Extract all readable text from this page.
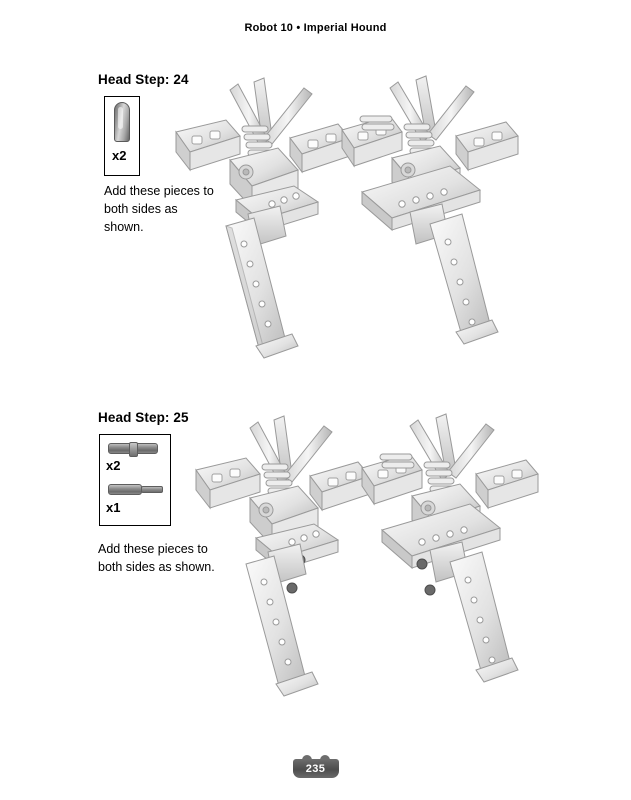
Robot 10 • Imperial Hound
Head Step: 24
x2
Add these pieces to both sides as shown.
Head Step: 25
x2
x1
Add these pieces to both sides as shown.
235
